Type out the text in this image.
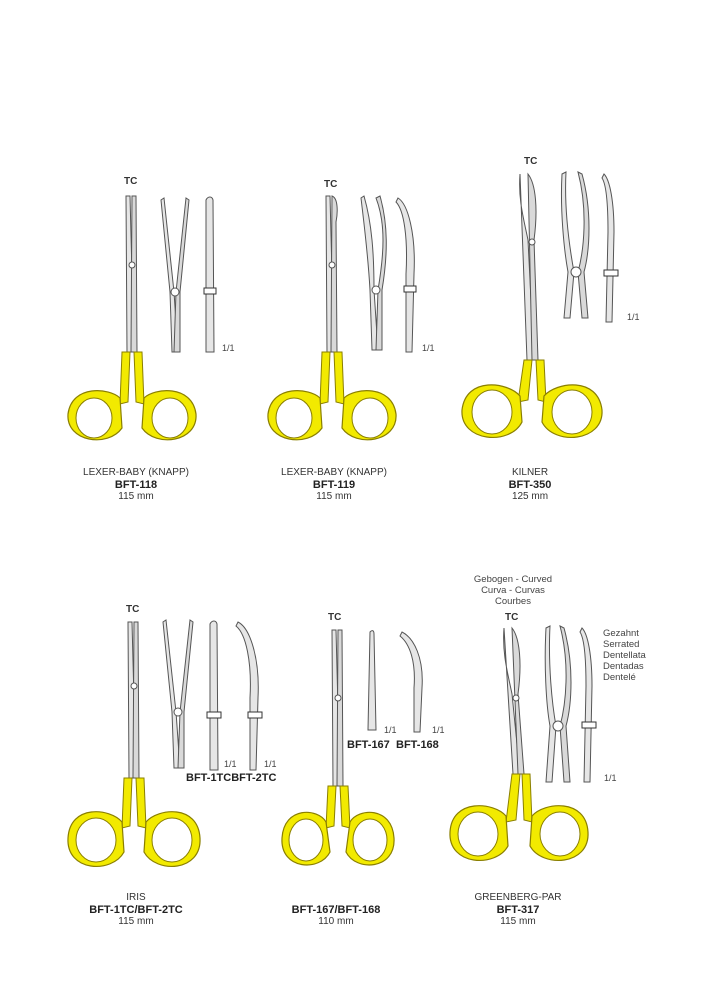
TC
1/1
LEXER-BABY (KNAPP)
BFT-118
115 mm
TC
1/1
LEXER-BABY (KNAPP)
BFT-119
115 mm
TC
1/1
KILNER
BFT-350
125 mm
TC
1/1	1/1
BFT-1TCBFT-2TC
IRIS
BFT-1TC/BFT-2TC
115 mm
TC
1/1	1/1
BFT-167 BFT-168
BFT-167/BFT-168
110 mm
Gebogen - Curved
Curva - Curvas
Courbes
TC
Gezahnt
Serrated
Dentellata
Dentadas
Dentelé
1/1
GREENBERG-PAR
BFT-317
115 mm
